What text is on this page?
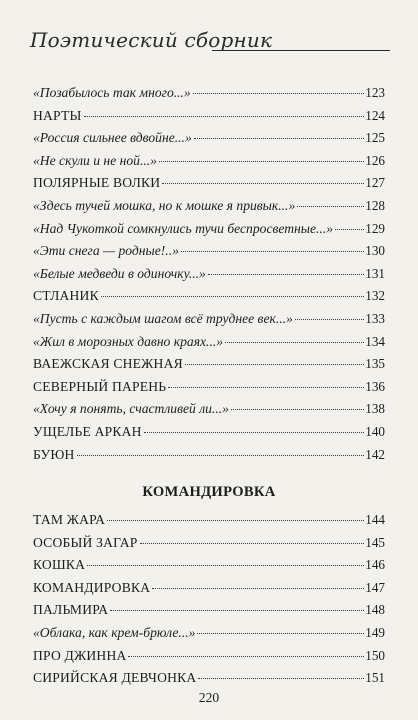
Поэтический сборник
«Позабылось так много...»	123
НАРТЫ	124
«Россия сильнее вдвойне...»	125
«Не скули и не ной...»	126
ПОЛЯРНЫЕ ВОЛКИ	127
«Здесь тучей мошка, но к мошке я привык...»	128
«Над Чукоткой сомкнулись тучи беспросветные...» 129
«Эти снега — родные!..»	130
«Белые медведи в одиночку...»	131
СТЛАНИК	132
«Пусть с каждым шагом всё труднее век...»	133
«Жил в морозных давно краях...»	134
ВАЕЖСКАЯ СНЕЖНАЯ	135
СЕВЕРНЫЙ ПАРЕНЬ	136
«Хочу я понять, счастливей ли...»	138
УЩЕЛЬЕ АРКАН	140
БУЮН	142
КОМАНДИРОВКА
ТАМ ЖАРА	144
ОСОБЫЙ ЗАГАР	145
КОШКА	146
КОМАНДИРОВКА	147
ПАЛЬМИРА	148
«Облака, как крем-брюле...»	149
ПРО ДЖИННА	150
СИРИЙСКАЯ ДЕВЧОНКА	151
220
